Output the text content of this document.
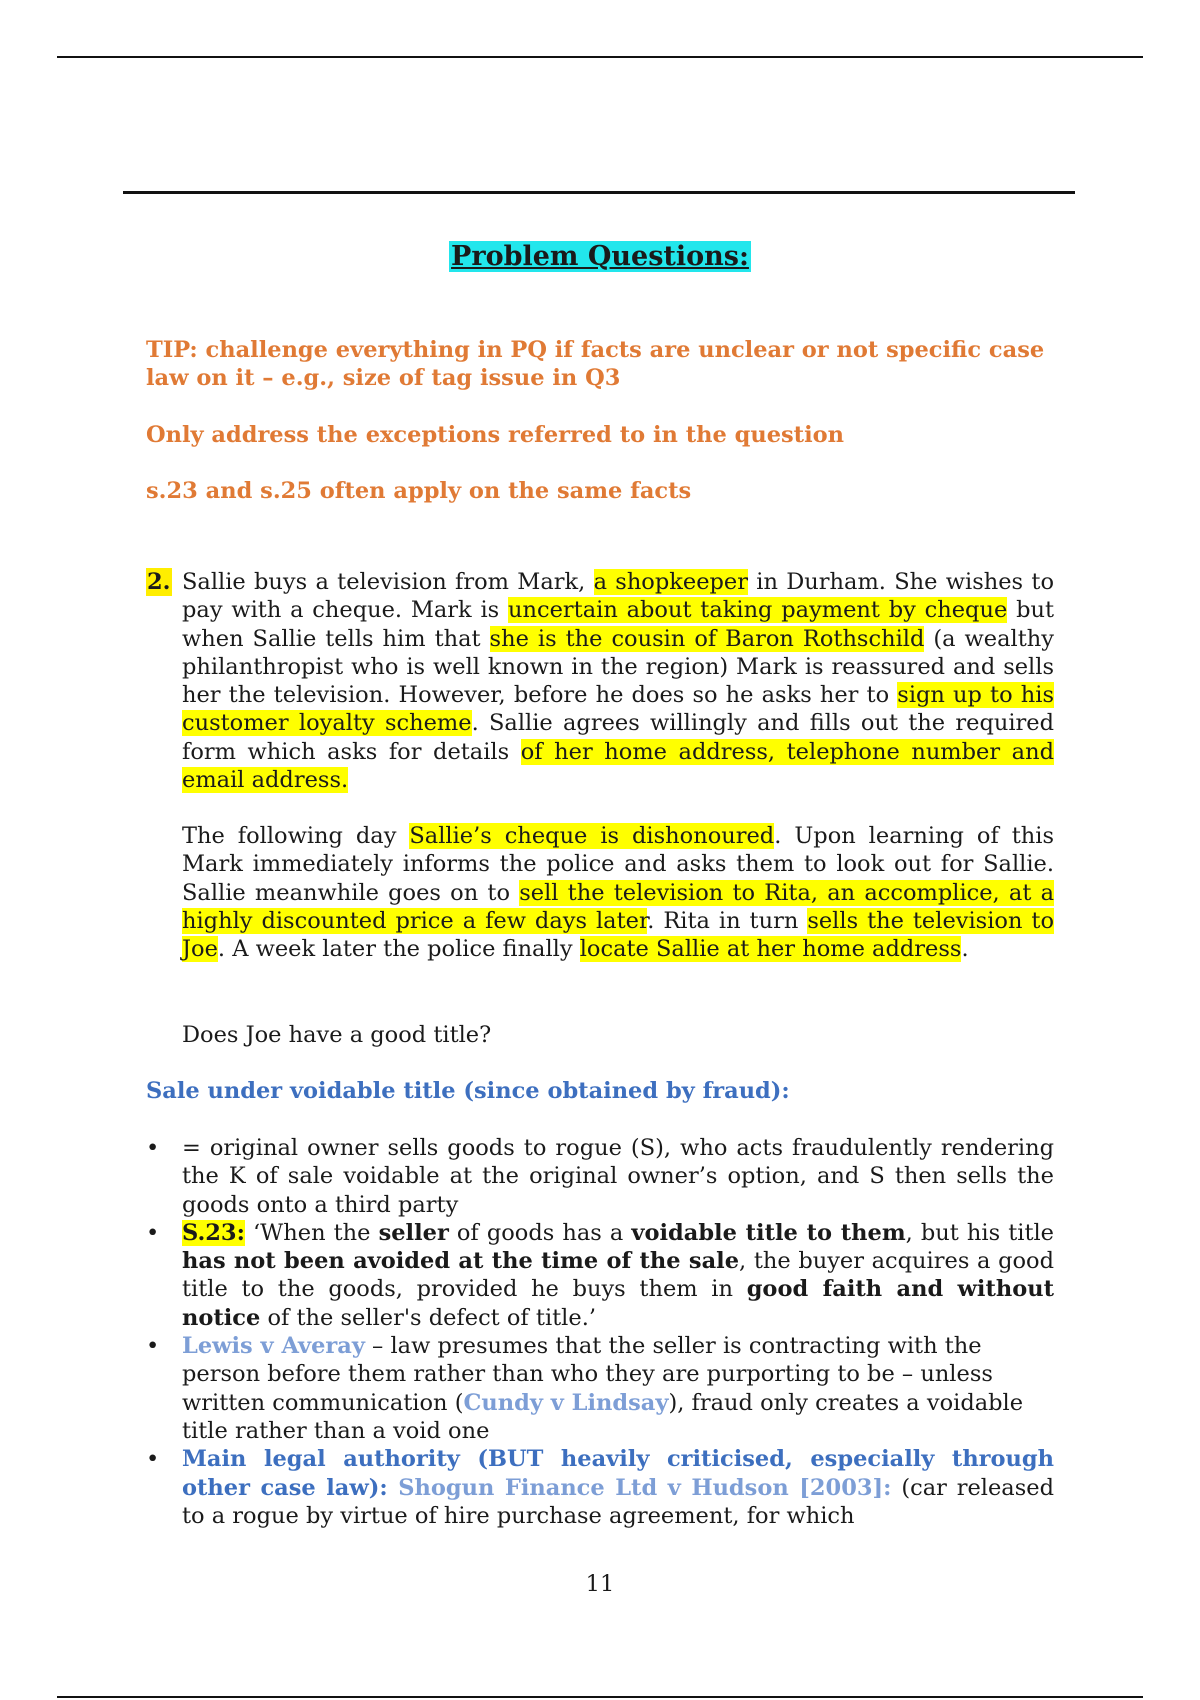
Problem Questions:
TIP: challenge everything in PQ if facts are unclear or not specific case law on it – e.g., size of tag issue in Q3
Only address the exceptions referred to in the question
s.23 and s.25 often apply on the same facts
2. Sallie buys a television from Mark, a shopkeeper in Durham. She wishes to pay with a cheque. Mark is uncertain about taking payment by cheque but when Sallie tells him that she is the cousin of Baron Rothschild (a wealthy philanthropist who is well known in the region) Mark is reassured and sells her the television. However, before he does so he asks her to sign up to his customer loyalty scheme. Sallie agrees willingly and fills out the required form which asks for details of her home address, telephone number and email address.
The following day Sallie’s cheque is dishonoured. Upon learning of this Mark immediately informs the police and asks them to look out for Sallie. Sallie meanwhile goes on to sell the television to Rita, an accomplice, at a highly discounted price a few days later. Rita in turn sells the television to Joe. A week later the police finally locate Sallie at her home address.
Does Joe have a good title?
Sale under voidable title (since obtained by fraud):
• = original owner sells goods to rogue (S), who acts fraudulently rendering the K of sale voidable at the original owner’s option, and S then sells the goods onto a third party
• S.23: ‘When the seller of goods has a voidable title to them, but his title has not been avoided at the time of the sale, the buyer acquires a good title to the goods, provided he buys them in good faith and without notice of the seller's defect of title.’
• Lewis v Averay – law presumes that the seller is contracting with the person before them rather than who they are purporting to be – unless written communication (Cundy v Lindsay), fraud only creates a voidable title rather than a void one
• Main legal authority (BUT heavily criticised, especially through other case law): Shogun Finance Ltd v Hudson [2003]: (car released to a rogue by virtue of hire purchase agreement, for which
11
